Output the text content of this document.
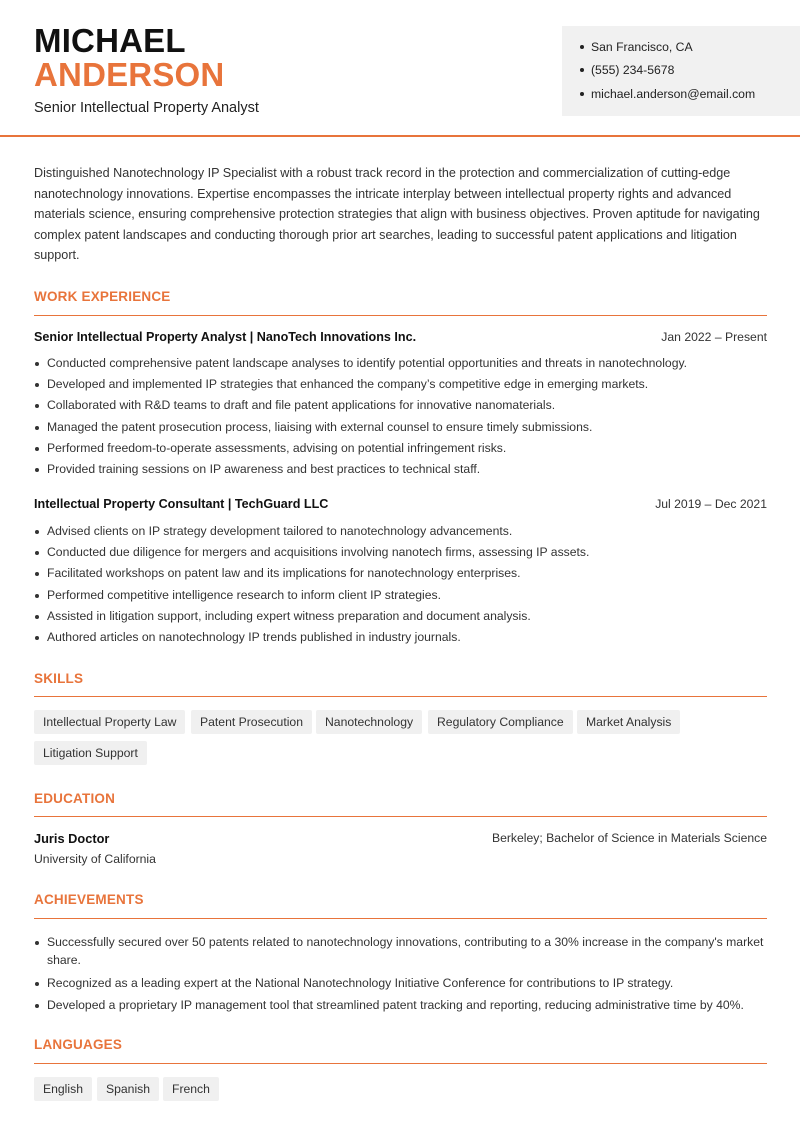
MICHAEL
ANDERSON
Senior Intellectual Property Analyst
San Francisco, CA
(555) 234-5678
michael.anderson@email.com
Distinguished Nanotechnology IP Specialist with a robust track record in the protection and commercialization of cutting-edge nanotechnology innovations. Expertise encompasses the intricate interplay between intellectual property rights and advanced materials science, ensuring comprehensive protection strategies that align with business objectives. Proven aptitude for navigating complex patent landscapes and conducting thorough prior art searches, leading to successful patent applications and litigation support.
WORK EXPERIENCE
Senior Intellectual Property Analyst | NanoTech Innovations Inc.	Jan 2022 – Present
Conducted comprehensive patent landscape analyses to identify potential opportunities and threats in nanotechnology.
Developed and implemented IP strategies that enhanced the company’s competitive edge in emerging markets.
Collaborated with R&D teams to draft and file patent applications for innovative nanomaterials.
Managed the patent prosecution process, liaising with external counsel to ensure timely submissions.
Performed freedom-to-operate assessments, advising on potential infringement risks.
Provided training sessions on IP awareness and best practices to technical staff.
Intellectual Property Consultant | TechGuard LLC	Jul 2019 – Dec 2021
Advised clients on IP strategy development tailored to nanotechnology advancements.
Conducted due diligence for mergers and acquisitions involving nanotech firms, assessing IP assets.
Facilitated workshops on patent law and its implications for nanotechnology enterprises.
Performed competitive intelligence research to inform client IP strategies.
Assisted in litigation support, including expert witness preparation and document analysis.
Authored articles on nanotechnology IP trends published in industry journals.
SKILLS
Intellectual Property Law	Patent Prosecution	Nanotechnology	Regulatory Compliance	Market Analysis
Litigation Support
EDUCATION
Juris Doctor
University of California
Berkeley; Bachelor of Science in Materials Science
ACHIEVEMENTS
Successfully secured over 50 patents related to nanotechnology innovations, contributing to a 30% increase in the company's market share.
Recognized as a leading expert at the National Nanotechnology Initiative Conference for contributions to IP strategy.
Developed a proprietary IP management tool that streamlined patent tracking and reporting, reducing administrative time by 40%.
LANGUAGES
English	Spanish	French
